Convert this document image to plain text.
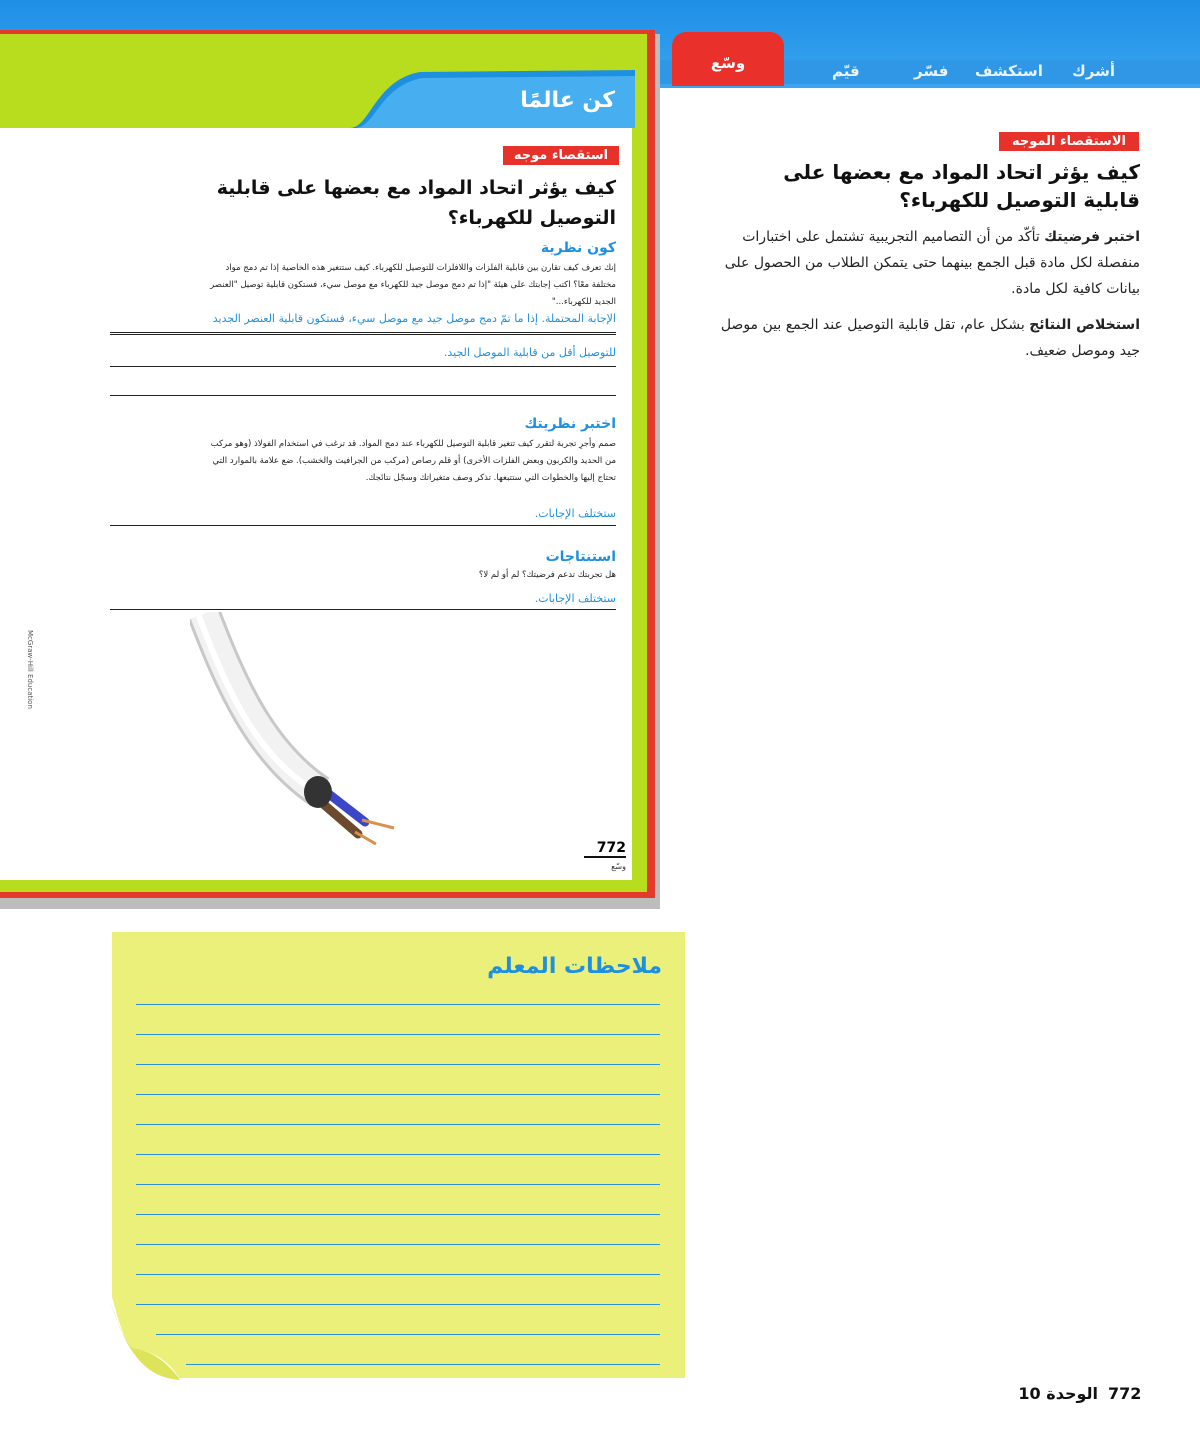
أشرك
استكشف
فسّر
قيّم
وسّع
كن عالمًا
استقصاء موجه
كيف يؤثر اتحاد المواد مع بعضها على قابلية التوصيل للكهرباء؟
كون نظرية
إنك تعرف كيف تقارن بين قابلية الفلزات واللافلزات للتوصيل للكهرباء. كيف ستتغير هذه الخاصية إذا تم دمج مواد مختلفة معًا؟ اكتب إجابتك على هيئة "إذا تم دمج موصل جيد للكهرباء مع موصل سيء، فستكون قابلية توصيل "العنصر الجديد للكهرباء..."
الإجابة المحتملة. إذا ما تمّ دمج موصل جيد مع موصل سيء، فستكون قابلية العنصر الجديد
للتوصيل أقل من قابلية الموصل الجيد.
اختبر نظريتك
صمم وأجرِ تجربة لتقرر كيف تتغير قابلية التوصيل للكهرباء عند دمج المواد. قد ترغب في استخدام الفولاذ (وهو مركب من الحديد والكربون وبعض الفلزات الأخرى) أو قلم رصاص (مركب من الجرافيت والخشب). ضع علامة بالموارد التي تحتاج إليها والخطوات التي ستتبعها. تذكر وصف متغيراتك وسجّل نتائجك.
ستختلف الإجابات.
استنتاجات
هل تجربتك تدعم فرضيتك؟ لم أو لم لا؟
ستختلف الإجابات.
McGraw-Hill Education
772
وسّع
الاستقصاء الموجه
كيف يؤثر اتحاد المواد مع بعضها على قابلية التوصيل للكهرباء؟
اختبر فرضيتك تأكّد من أن التصاميم التجريبية تشتمل على اختبارات منفصلة لكل مادة قبل الجمع بينهما حتى يتمكن الطلاب من الحصول على بيانات كافية لكل مادة.
استخلاص النتائج بشكل عام، تقل قابلية التوصيل عند الجمع بين موصل جيد وموصل ضعيف.
ملاحظات المعلم
772
الوحدة 10
